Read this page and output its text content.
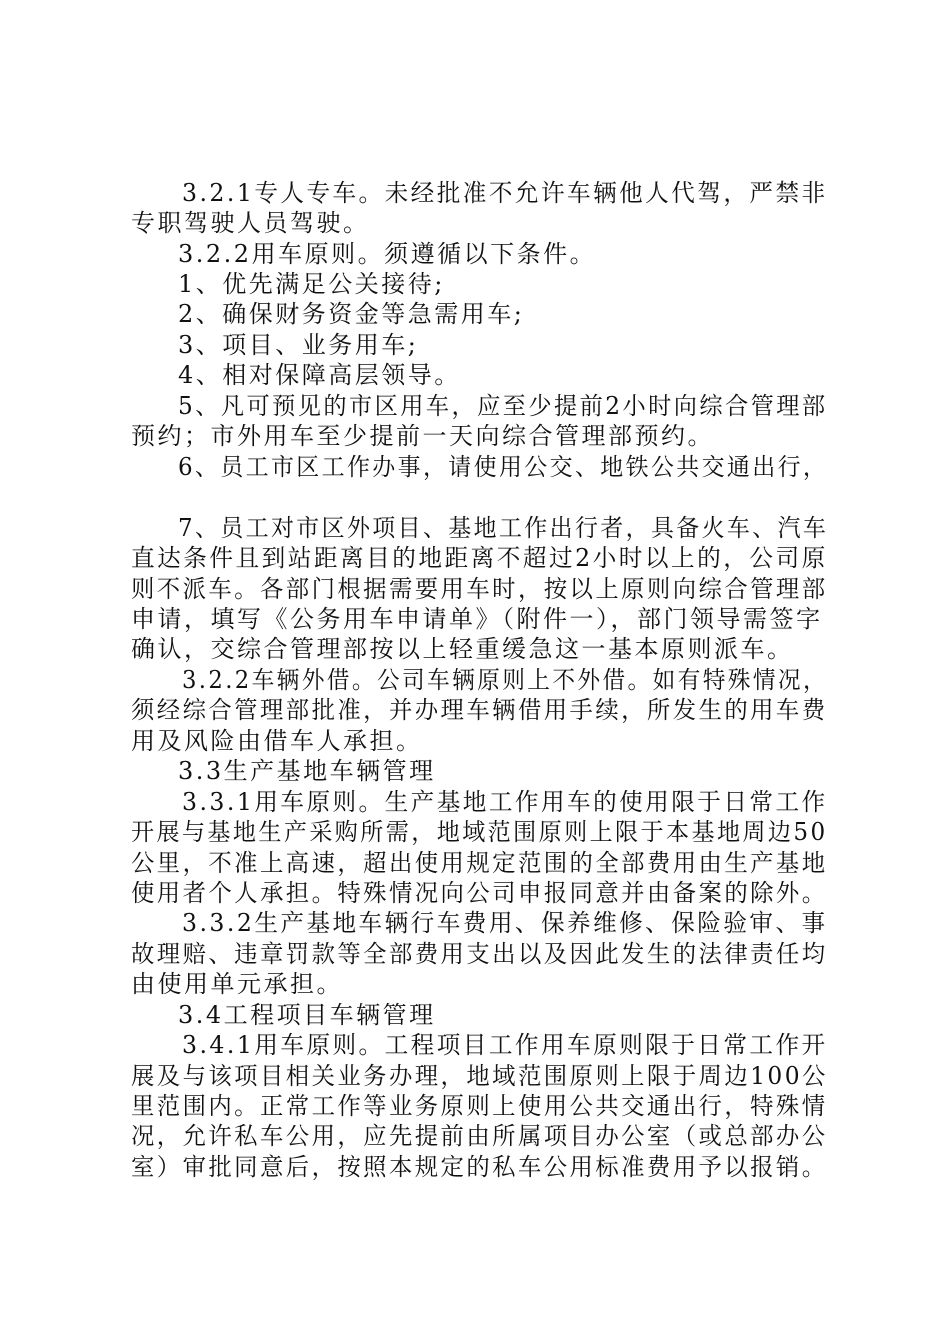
3.2.1专人专车。未经批准不允许车辆他人代驾，严禁非
专职驾驶人员驾驶。
3.2.2用车原则。须遵循以下条件。
1、优先满足公关接待;
2、确保财务资金等急需用车;
3、项目、业务用车;
4、相对保障高层领导。
5、凡可预见的市区用车，应至少提前2小时向综合管理部
预约；市外用车至少提前一天向综合管理部预约。
6、员工市区工作办事，请使用公交、地铁公共交通出行，
7、员工对市区外项目、基地工作出行者，具备火车、汽车
直达条件且到站距离目的地距离不超过2小时以上的，公司原
则不派车。各部门根据需要用车时，按以上原则向综合管理部
申请，填写《公务用车申请单》（附件一），部门领导需签字
确认，交综合管理部按以上轻重缓急这一基本原则派车。
3.2.2车辆外借。公司车辆原则上不外借。如有特殊情况，
须经综合管理部批准，并办理车辆借用手续，所发生的用车费
用及风险由借车人承担。
3.3生产基地车辆管理
3.3.1用车原则。生产基地工作用车的使用限于日常工作
开展与基地生产采购所需，地域范围原则上限于本基地周边50
公里，不准上高速，超出使用规定范围的全部费用由生产基地
使用者个人承担。特殊情况向公司申报同意并由备案的除外。
3.3.2生产基地车辆行车费用、保养维修、保险验审、事
故理赔、违章罚款等全部费用支出以及因此发生的法律责任均
由使用单元承担。
3.4工程项目车辆管理
3.4.1用车原则。工程项目工作用车原则限于日常工作开
展及与该项目相关业务办理，地域范围原则上限于周边100公
里范围内。正常工作等业务原则上使用公共交通出行，特殊情
况，允许私车公用，应先提前由所属项目办公室（或总部办公
室）审批同意后，按照本规定的私车公用标准费用予以报销。
